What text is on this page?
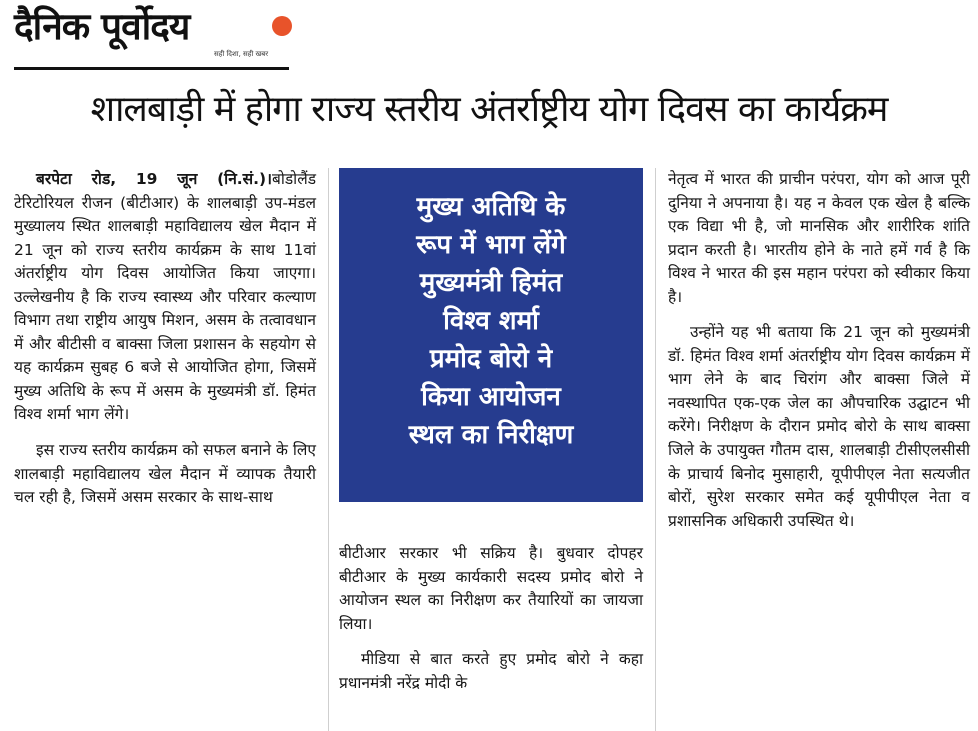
दैनिक पूर्वोदय
सही दिशा, सही खबर
शालबाड़ी में होगा राज्य स्तरीय अंतर्राष्ट्रीय योग दिवस का कार्यक्रम

बरपेटा रोड, 19 जून (नि.सं.)।बोडोलैंड टेरिटोरियल रीजन (बीटीआर) के शालबाड़ी उप-मंडल मुख्यालय स्थित शालबाड़ी महाविद्यालय खेल मैदान में 21 जून को राज्य स्तरीय कार्यक्रम के साथ 11वां अंतर्राष्ट्रीय योग दिवस आयोजित किया जाएगा। उल्लेखनीय है कि राज्य स्वास्थ्य और परिवार कल्याण विभाग तथा राष्ट्रीय आयुष मिशन, असम के तत्वावधान में और बीटीसी व बाक्सा जिला प्रशासन के सहयोग से यह कार्यक्रम सुबह 6 बजे से आयोजित होगा, जिसमें मुख्य अतिथि के रूप में असम के मुख्यमंत्री डॉ. हिमंत विश्व शर्मा भाग लेंगे।

इस राज्य स्तरीय कार्यक्रम को सफल बनाने के लिए शालबाड़ी महाविद्यालय खेल मैदान में व्यापक तैयारी चल रही है, जिसमें असम सरकार के साथ-साथ

मुख्य अतिथि के
रूप में भाग लेंगे
मुख्यमंत्री हिमंत
विश्व शर्मा
प्रमोद बोरो ने
किया आयोजन
स्थल का निरीक्षण

बीटीआर सरकार भी सक्रिय है। बुधवार दोपहर बीटीआर के मुख्य कार्यकारी सदस्य प्रमोद बोरो ने आयोजन स्थल का निरीक्षण कर तैयारियों का जायजा लिया।

मीडिया से बात करते हुए प्रमोद बोरो ने कहा प्रधानमंत्री नरेंद्र मोदी के

नेतृत्व में भारत की प्राचीन परंपरा, योग को आज पूरी दुनिया ने अपनाया है। यह न केवल एक खेल है बल्कि एक विद्या भी है, जो मानसिक और शारीरिक शांति प्रदान करती है। भारतीय होने के नाते हमें गर्व है कि विश्व ने भारत की इस महान परंपरा को स्वीकार किया है।

उन्होंने यह भी बताया कि 21 जून को मुख्यमंत्री डॉ. हिमंत विश्व शर्मा अंतर्राष्ट्रीय योग दिवस कार्यक्रम में भाग लेने के बाद चिरांग और बाक्सा जिले में नवस्थापित एक-एक जेल का औपचारिक उद्घाटन भी करेंगे। निरीक्षण के दौरान प्रमोद बोरो के साथ बाक्सा जिले के उपायुक्त गौतम दास, शालबाड़ी टीसीएलसीसी के प्राचार्य बिनोद मुसाहारी, यूपीपीएल नेता सत्यजीत बोरों, सुरेश सरकार समेत कई यूपीपीएल नेता व प्रशासनिक अधिकारी उपस्थित थे।
